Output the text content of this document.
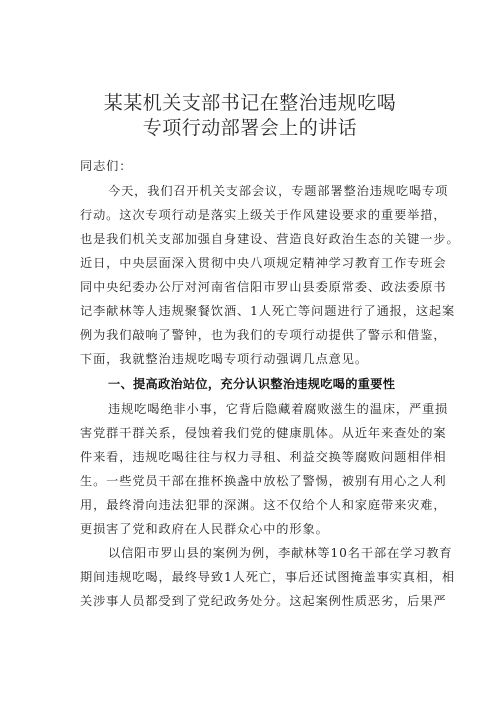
某某机关支部书记在整治违规吃喝
专项行动部署会上的讲话
同志们：
今天，我们召开机关支部会议，专题部署整治违规吃喝专项
行动。这次专项行动是落实上级关于作风建设要求的重要举措，
也是我们机关支部加强自身建设、营造良好政治生态的关键一步。
近日，中央层面深入贯彻中央八项规定精神学习教育工作专班会
同中央纪委办公厅对河南省信阳市罗山县委原常委、政法委原书
记李献林等人违规聚餐饮酒、1人死亡等问题进行了通报，这起案
例为我们敲响了警钟，也为我们的专项行动提供了警示和借鉴，
下面，我就整治违规吃喝专项行动强调几点意见。
一、提高政治站位，充分认识整治违规吃喝的重要性
违规吃喝绝非小事，它背后隐藏着腐败滋生的温床，严重损
害党群干群关系，侵蚀着我们党的健康肌体。从近年来查处的案
件来看，违规吃喝往往与权力寻租、利益交换等腐败问题相伴相
生。一些党员干部在推杯换盏中放松了警惕，被别有用心之人利
用，最终滑向违法犯罪的深渊。这不仅给个人和家庭带来灾难，
更损害了党和政府在人民群众心中的形象。
以信阳市罗山县的案例为例，李献林等10名干部在学习教育
期间违规吃喝，最终导致1人死亡，事后还试图掩盖事实真相，相
关涉事人员都受到了党纪政务处分。这起案例性质恶劣，后果严
